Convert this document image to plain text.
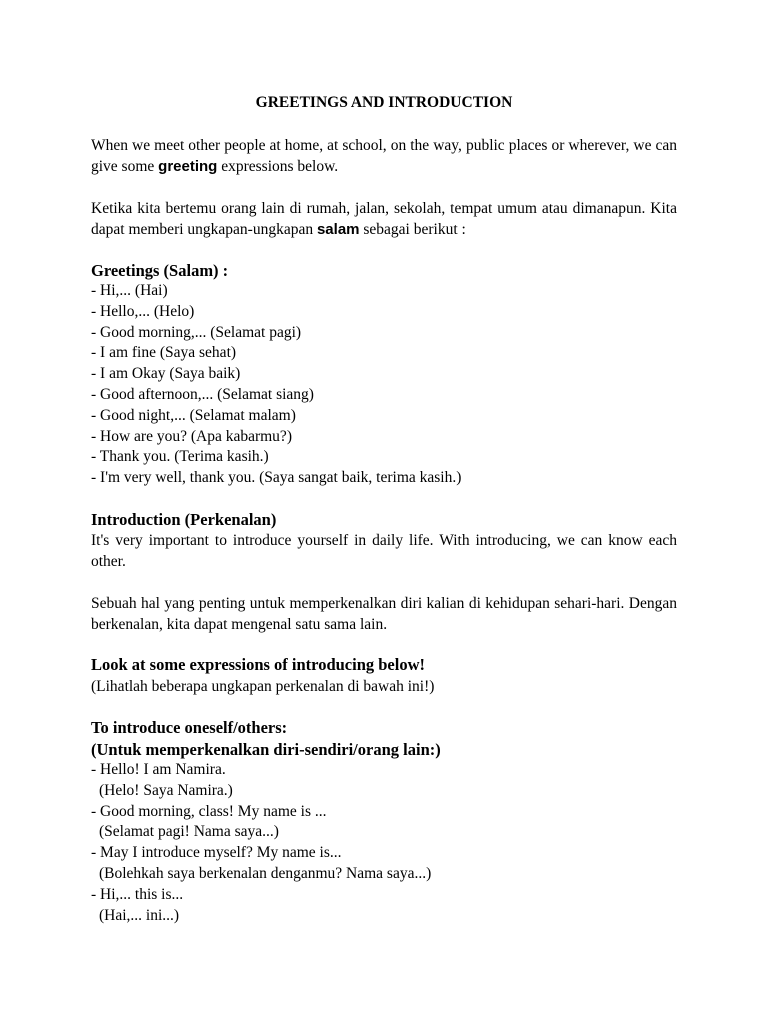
GREETINGS AND INTRODUCTION
When we meet other people at home, at school, on the way, public places or wherever, we can give some greeting expressions below.
Ketika kita bertemu orang lain di rumah, jalan, sekolah, tempat umum atau dimanapun. Kita dapat memberi ungkapan-ungkapan salam sebagai berikut :
Greetings (Salam) :
- Hi,... (Hai)
- Hello,... (Helo)
- Good morning,... (Selamat pagi)
- I am fine (Saya sehat)
- I am Okay (Saya baik)
- Good afternoon,... (Selamat siang)
- Good night,... (Selamat malam)
- How are you? (Apa kabarmu?)
- Thank you. (Terima kasih.)
- I'm very well, thank you. (Saya sangat baik, terima kasih.)
Introduction (Perkenalan)
It's very important to introduce yourself in daily life. With introducing, we can know each other.
Sebuah hal yang penting untuk memperkenalkan diri kalian di kehidupan sehari-hari. Dengan berkenalan, kita dapat mengenal satu sama lain.
Look at some expressions of introducing below!
(Lihatlah beberapa ungkapan perkenalan di bawah ini!)
To introduce oneself/others:
(Untuk memperkenalkan diri-sendiri/orang lain:)
- Hello! I am Namira.
(Helo! Saya Namira.)
- Good morning, class! My name is ...
(Selamat pagi! Nama saya...)
- May I introduce myself? My name is...
(Bolehkah saya berkenalan denganmu? Nama saya...)
- Hi,... this is...
(Hai,... ini...)
